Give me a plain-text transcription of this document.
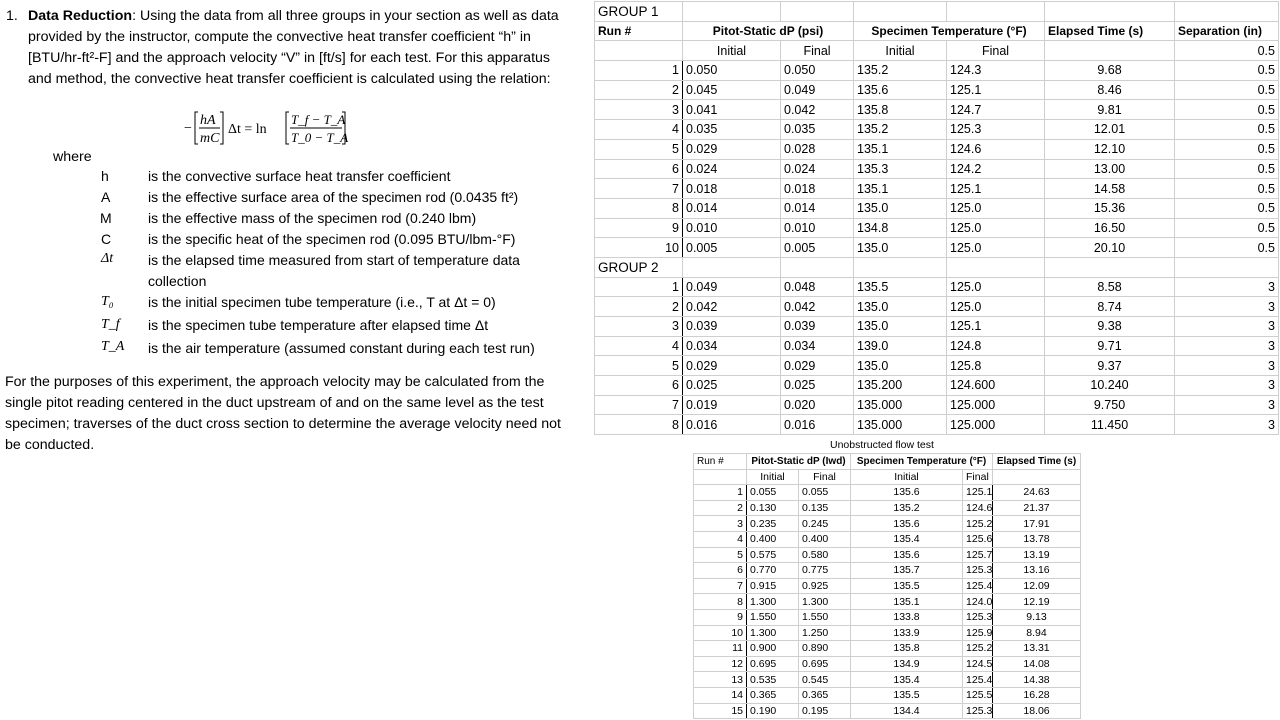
1. Data Reduction: Using the data from all three groups in your section as well as data
provided by the instructor, compute the convective heat transfer coefficient “h” in
[BTU/hr-ft²-F] and the approach velocity “V” in [ft/s] for each test. For this apparatus
and method, the convective heat transfer coefficient is calculated using the relation:
−
hA
mC
Δt = ln
T_f − T_A
T_0 − T_A
where
h	is the convective surface heat transfer coefficient
A	is the effective surface area of the specimen rod (0.0435 ft²)
M	is the effective mass of the specimen rod (0.240 lbm)
C	is the specific heat of the specimen rod (0.095 BTU/lbm-°F)
Δt is the elapsed time measured from start of temperature data
collection
T₀ is the initial specimen tube temperature (i.e., T at Δt = 0)
T_f is the specimen tube temperature after elapsed time Δt
T_A is the air temperature (assumed constant during each test run)
For the purposes of this experiment, the approach velocity may be calculated from the
single pitot reading centered in the duct upstream of and on the same level as the test
specimen; traverses of the duct cross section to determine the average velocity need not
be conducted.
GROUP 1						
Run #	Pitot-Static dP (psi)		Specimen Temperature (°F)		Elapsed Time (s)	Separation (in)
	Initial	Final	Initial	Final		0.5
1	0.050	0.050	135.2	124.3	9.68	0.5
2	0.045	0.049	135.6	125.1	8.46	0.5
3	0.041	0.042	135.8	124.7	9.81	0.5
4	0.035	0.035	135.2	125.3	12.01	0.5
5	0.029	0.028	135.1	124.6	12.10	0.5
6	0.024	0.024	135.3	124.2	13.00	0.5
7	0.018	0.018	135.1	125.1	14.58	0.5
8	0.014	0.014	135.0	125.0	15.36	0.5
9	0.010	0.010	134.8	125.0	16.50	0.5
10	0.005	0.005	135.0	125.0	20.10	0.5
GROUP 2						
1	0.049	0.048	135.5	125.0	8.58	3
2	0.042	0.042	135.0	125.0	8.74	3
3	0.039	0.039	135.0	125.1	9.38	3
4	0.034	0.034	139.0	124.8	9.71	3
5	0.029	0.029	135.0	125.8	9.37	3
6	0.025	0.025	135.200	124.600	10.240	3
7	0.019	0.020	135.000	125.000	9.750	3
8	0.016	0.016	135.000	125.000	11.450	3
Unobstructed flow test
Run #	Pitot-Static dP (Iwd)		Specimen Temperature (°F)		Elapsed Time (s)
	Initial	Final	Initial	Final	
1	0.055	0.055	135.6	125.1	24.63
2	0.130	0.135	135.2	124.6	21.37
3	0.235	0.245	135.6	125.2	17.91
4	0.400	0.400	135.4	125.6	13.78
5	0.575	0.580	135.6	125.7	13.19
6	0.770	0.775	135.7	125.3	13.16
7	0.915	0.925	135.5	125.4	12.09
8	1.300	1.300	135.1	124.0	12.19
9	1.550	1.550	133.8	125.3	9.13
10	1.300	1.250	133.9	125.9	8.94
11	0.900	0.890	135.8	125.2	13.31
12	0.695	0.695	134.9	124.5	14.08
13	0.535	0.545	135.4	125.4	14.38
14	0.365	0.365	135.5	125.5	16.28
15	0.190	0.195	134.4	125.3	18.06
